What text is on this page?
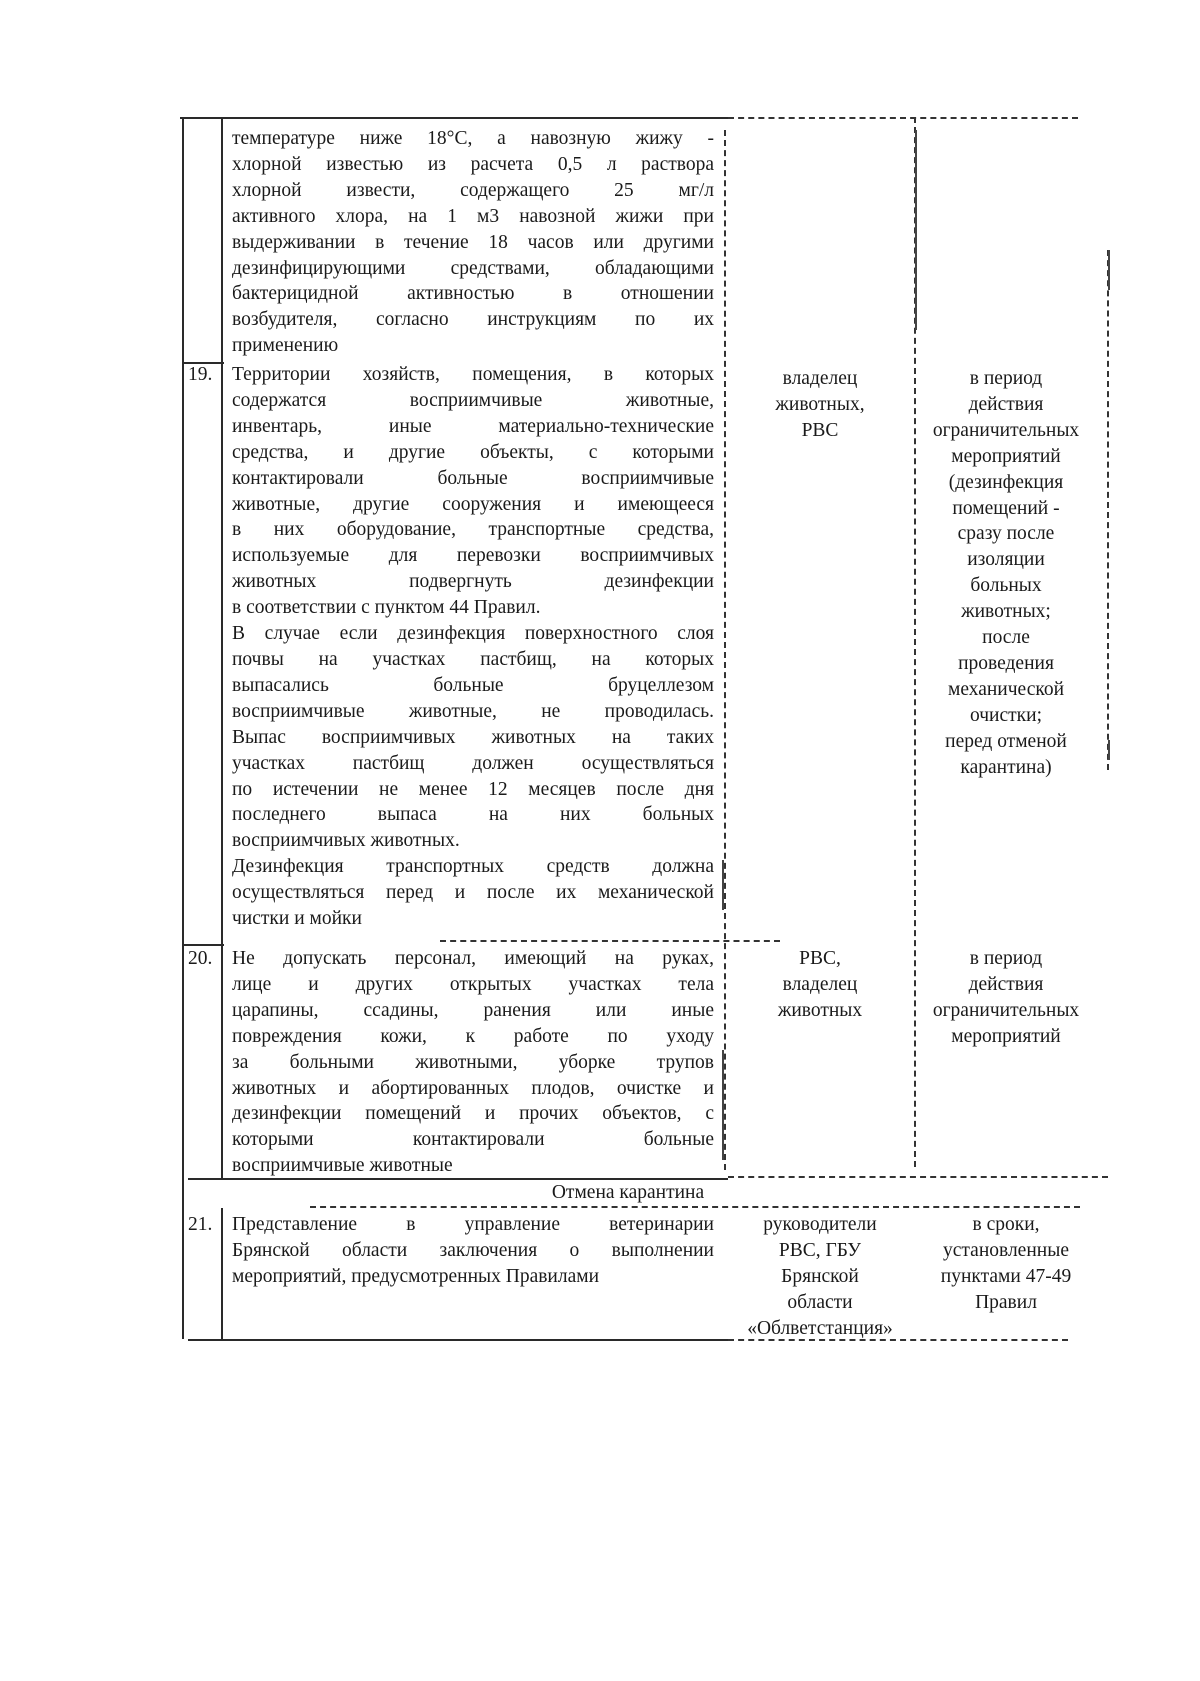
температуре ниже 18°С, а навозную жижу -

хлорной известью из расчета 0,5 л раствора

хлорной извести, содержащего 25 мг/л

активного хлора, на 1 м3 навозной жижи при

выдерживании в течение 18 часов или другими

дезинфицирующими средствами, обладающими

бактерицидной активностью в отношении

возбудителя, согласно инструкциям по их

применению

19. Территории хозяйств, помещения, в которых

содержатся восприимчивые животные,

инвентарь, иные материально-технические

средства, и другие объекты, с которыми

контактировали больные восприимчивые

животные, другие сооружения и имеющееся

в них оборудование, транспортные средства,

используемые для перевозки восприимчивых

животных подвергнуть дезинфекции

в соответствии с пунктом 44 Правил.

В случае если дезинфекция поверхностного слоя

почвы на участках пастбищ, на которых

выпасались больные бруцеллезом

восприимчивые животные, не проводилась.

Выпас восприимчивых животных на таких

участках пастбищ должен осуществляться

по истечении не менее 12 месяцев после дня

последнего выпаса на них больных

восприимчивых животных.

Дезинфекция транспортных средств должна

осуществляться перед и после их механической

чистки и мойки

владелец

животных,

РВС

в период

действия

ограничительных

мероприятий

(дезинфекция

помещений -

сразу после

изоляции

больных

животных;

после

проведения

механической

очистки;

перед отменой

карантина)

20. Не допускать персонал, имеющий на руках,

лице и других открытых участках тела

царапины, ссадины, ранения или иные

повреждения кожи, к работе по уходу

за больными животными, уборке трупов

животных и абортированных плодов, очистке и

дезинфекции помещений и прочих объектов, с

которыми контактировали больные

восприимчивые животные

РВС,

владелец

животных

в период

действия

ограничительных

мероприятий

Отмена карантина
21. Представление в управление ветеринарии

Брянской области заключения о выполнении

мероприятий, предусмотренных Правилами

руководители

РВС, ГБУ

Брянской

области

«Облветстанция»

в сроки,

установленные

пунктами 47-49

Правил
